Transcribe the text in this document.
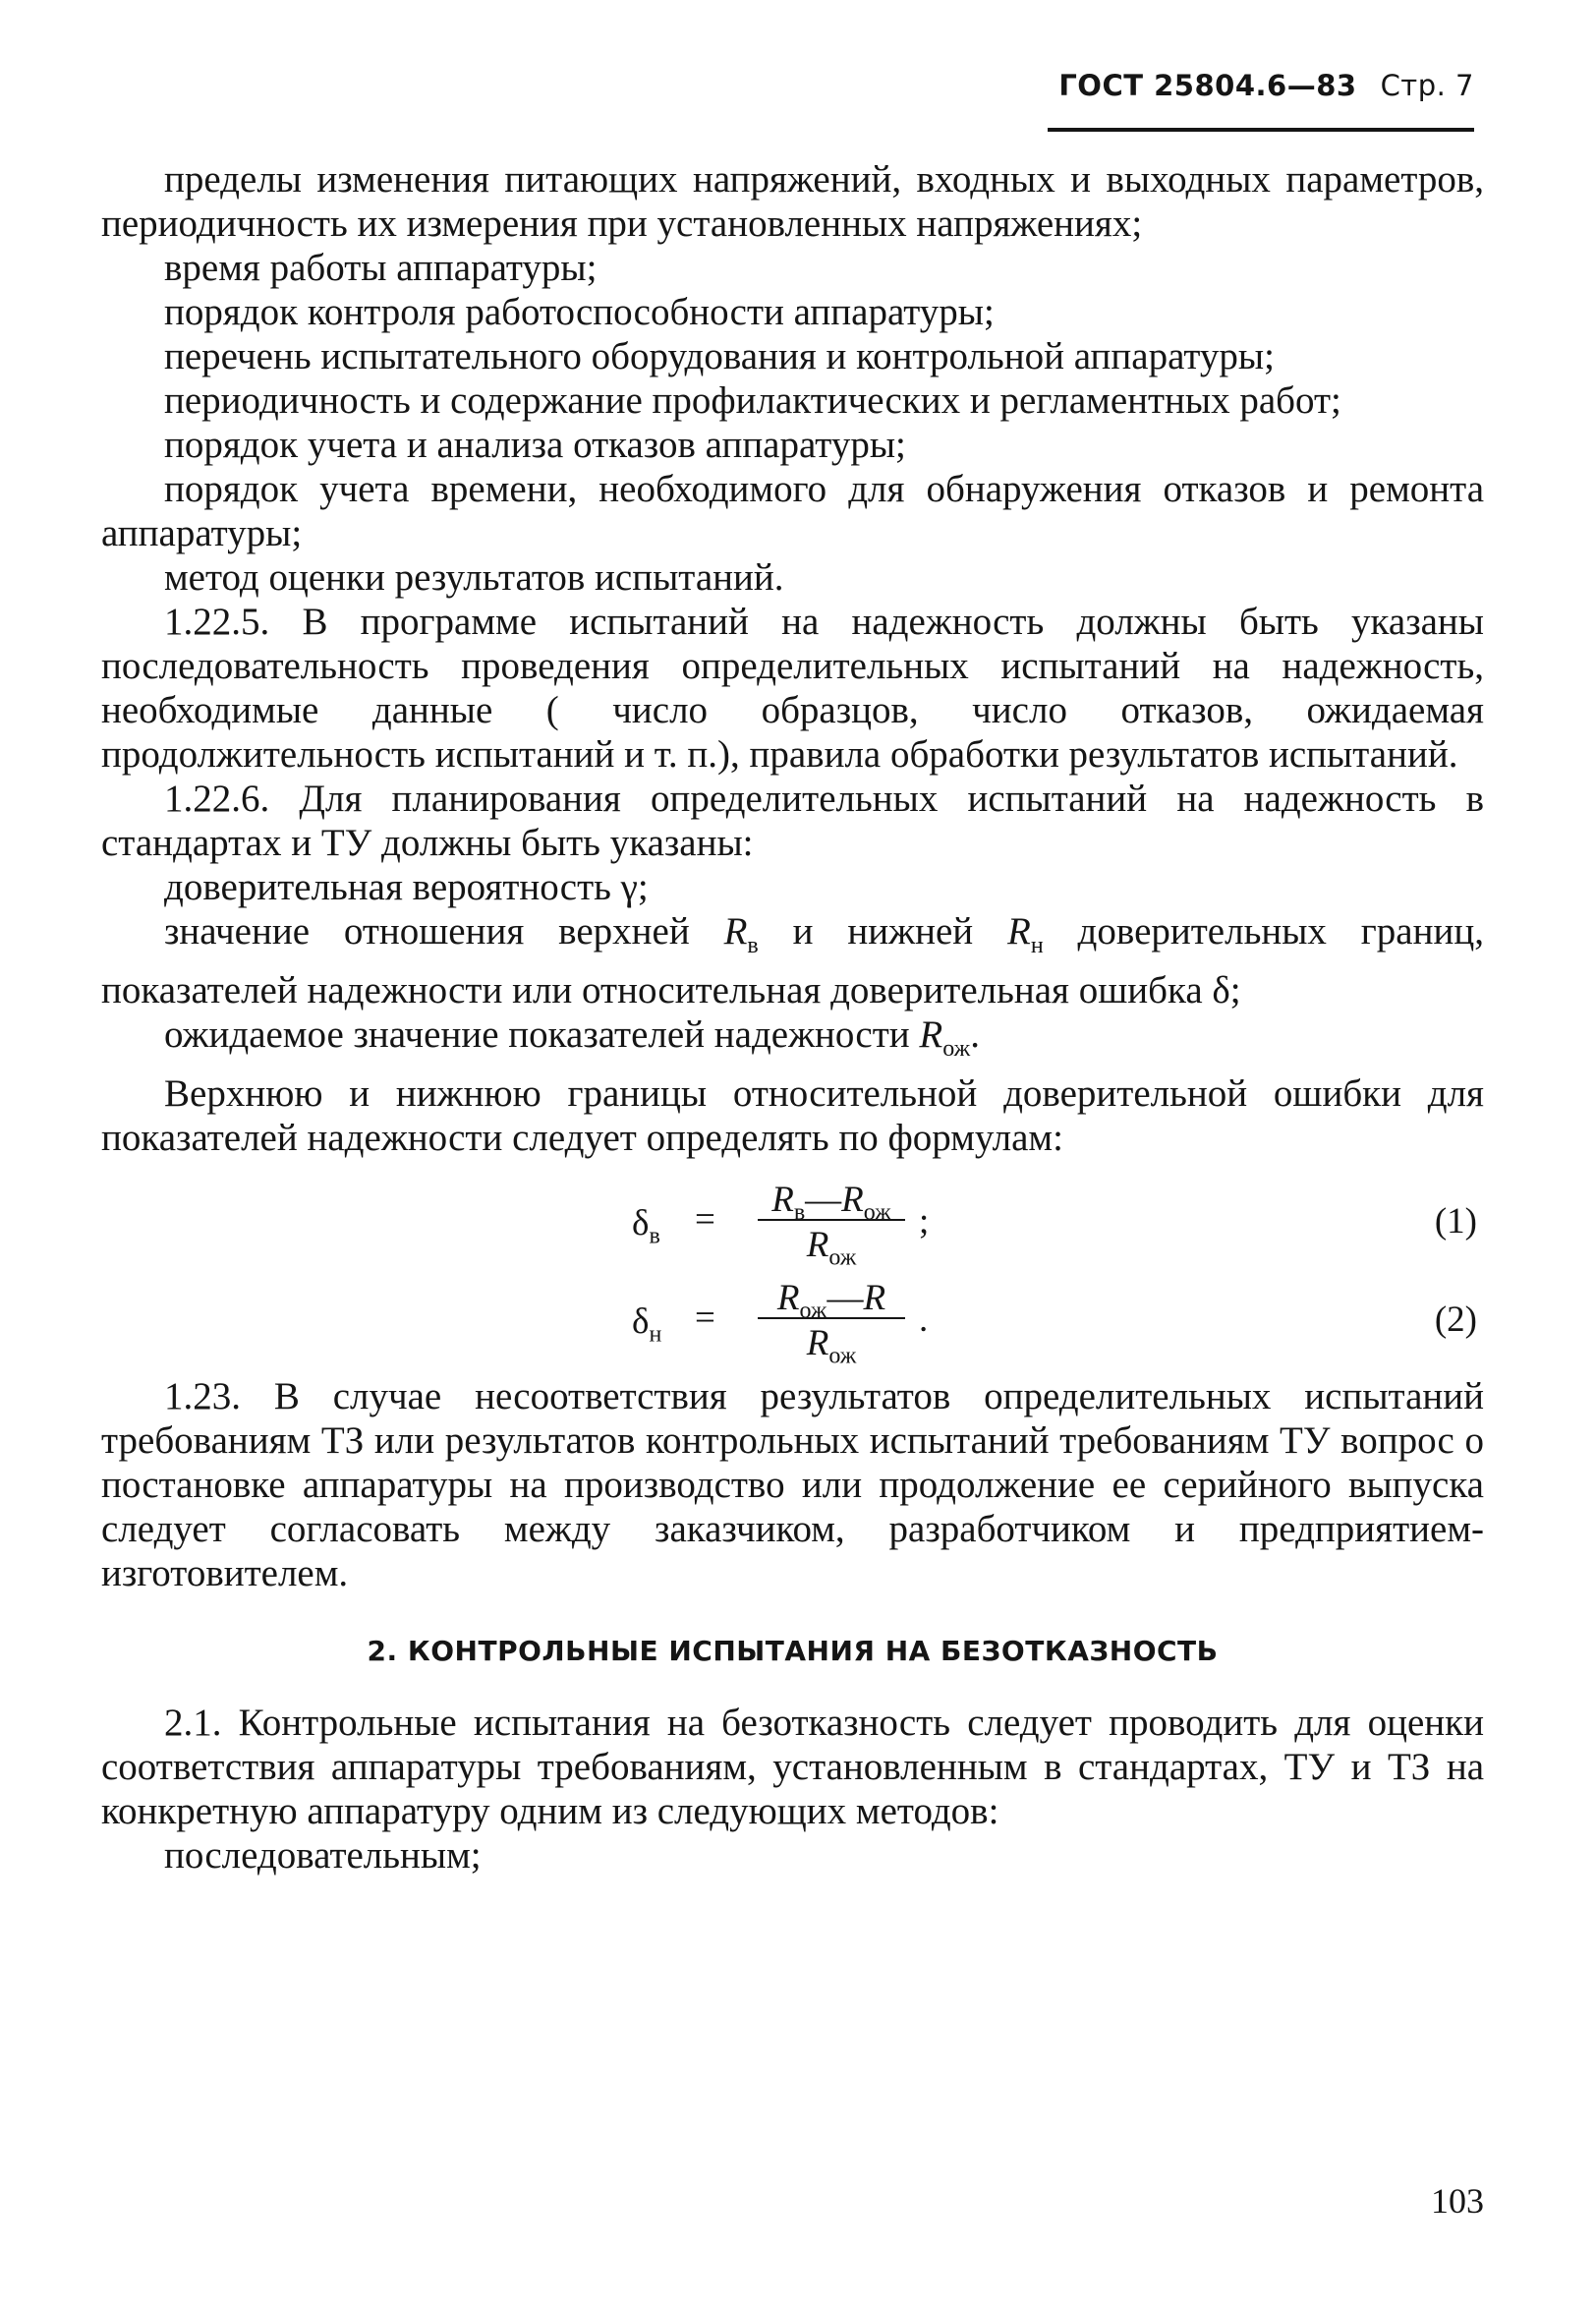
ГОСТ 25804.6—83 Стр. 7

пределы изменения питающих напряжений, входных и выходных параметров, периодичность их измерения при установленных напряжениях;

время работы аппаратуры;

порядок контроля работоспособности аппаратуры;

перечень испытательного оборудования и контрольной аппаратуры;

периодичность и содержание профилактических и регламентных работ;

порядок учета и анализа отказов аппаратуры;

порядок учета времени, необходимого для обнаружения отказов и ремонта аппаратуры;

метод оценки результатов испытаний.

1.22.5. В программе испытаний на надежность должны быть указаны последовательность проведения определительных испытаний на надежность, необходимые данные ( число образцов, число отказов, ожидаемая продолжительность испытаний и т. п.), правила обработки результатов испытаний.

1.22.6. Для планирования определительных испытаний на надежность в стандартах и ТУ должны быть указаны:

доверительная вероятность γ;

значение отношения верхней $R_в$ и нижней $R_н$ доверительных границ, показателей надежности или относительная доверительная ошибка δ;

ожидаемое значение показателей надежности $R_{ож}$.

Верхнюю и нижнюю границы относительной доверительной ошибки для показателей надежности следует определять по формулам:

$\delta_в$ =	$R_в—R_{ож}$
$R_{ож}$
;	(1)
$\delta_н$ =	$R_{ож}—R$
$R_{ож}$
.	(2)

1.23. В случае несоответствия результатов определительных испытаний требованиям ТЗ или результатов контрольных испытаний требованиям ТУ вопрос о постановке аппаратуры на производство или продолжение ее серийного выпуска следует согласовать между заказчиком, разработчиком и предприятием-изготовителем.

2. КОНТРОЛЬНЫЕ ИСПЫТАНИЯ НА БЕЗОТКАЗНОСТЬ

2.1. Контрольные испытания на безотказность следует проводить для оценки соответствия аппаратуры требованиям, установленным в стандартах, ТУ и ТЗ на конкретную аппаратуру одним из следующих методов:

последовательным;

103
